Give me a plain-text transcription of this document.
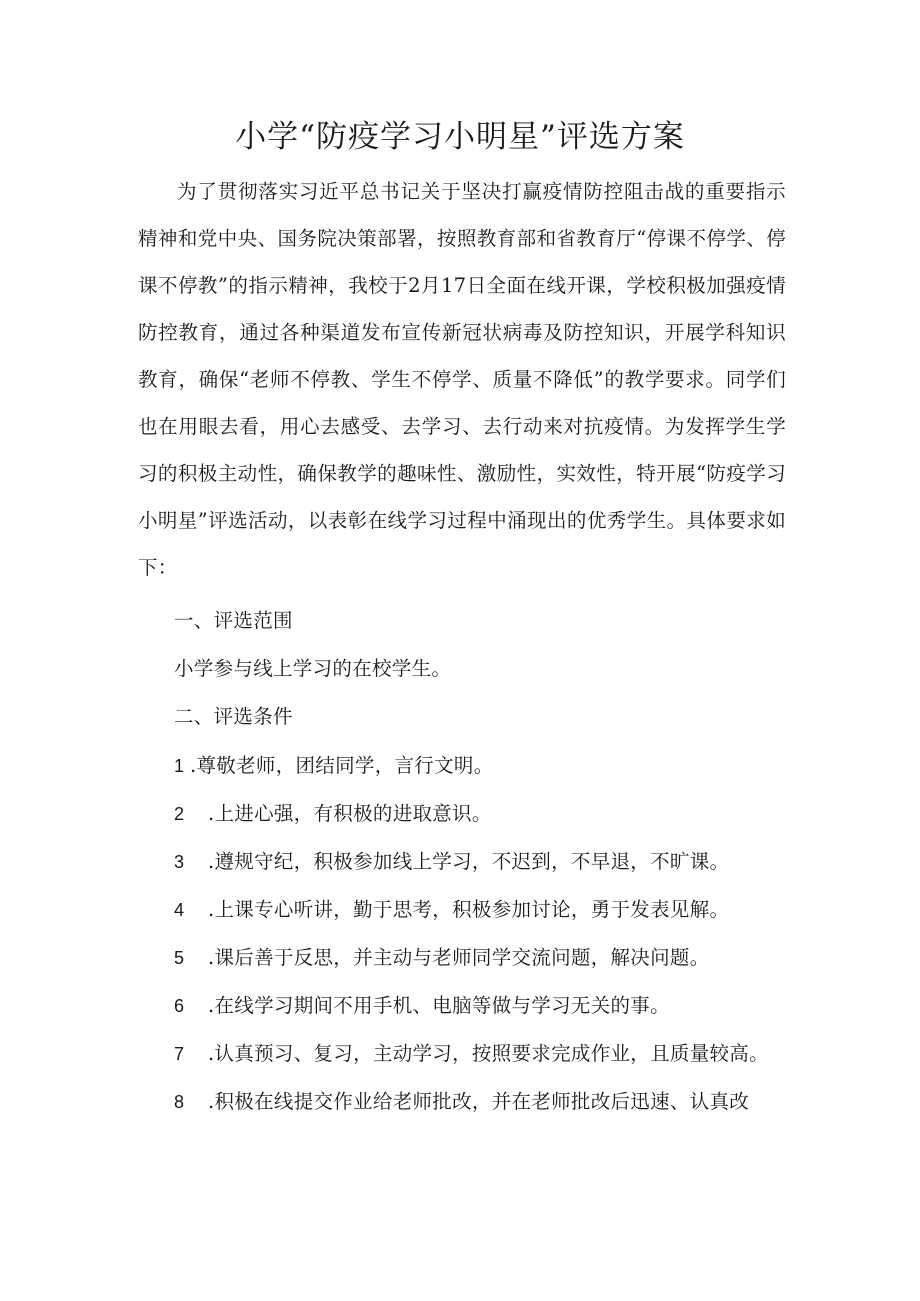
小学“防疫学习小明星”评选方案

为了贯彻落实习近平总书记关于坚决打赢疫情防控阻击战的重要指示精神和党中央、国务院决策部署，按照教育部和省教育厅“停课不停学、停课不停教”的指示精神，我校于2月17日全面在线开课，学校积极加强疫情防控教育，通过各种渠道发布宣传新冠状病毒及防控知识，开展学科知识教育，确保“老师不停教、学生不停学、质量不降低”的教学要求。同学们也在用眼去看，用心去感受、去学习、去行动来对抗疫情。为发挥学生学习的积极主动性，确保教学的趣味性、激励性，实效性，特开展“防疫学习小明星”评选活动，以表彰在线学习过程中涌现出的优秀学生。具体要求如下：

一、评选范围

小学参与线上学习的在校学生。

二、评选条件

1 .尊敬老师，团结同学，言行文明。

2 .上进心强，有积极的进取意识。

3 .遵规守纪，积极参加线上学习，不迟到，不早退，不旷课。

4 .上课专心听讲，勤于思考，积极参加讨论，勇于发表见解。

5 .课后善于反思，并主动与老师同学交流问题，解决问题。

6 .在线学习期间不用手机、电脑等做与学习无关的事。

7 .认真预习、复习，主动学习，按照要求完成作业，且质量较高。

8 .积极在线提交作业给老师批改，并在老师批改后迅速、认真改
